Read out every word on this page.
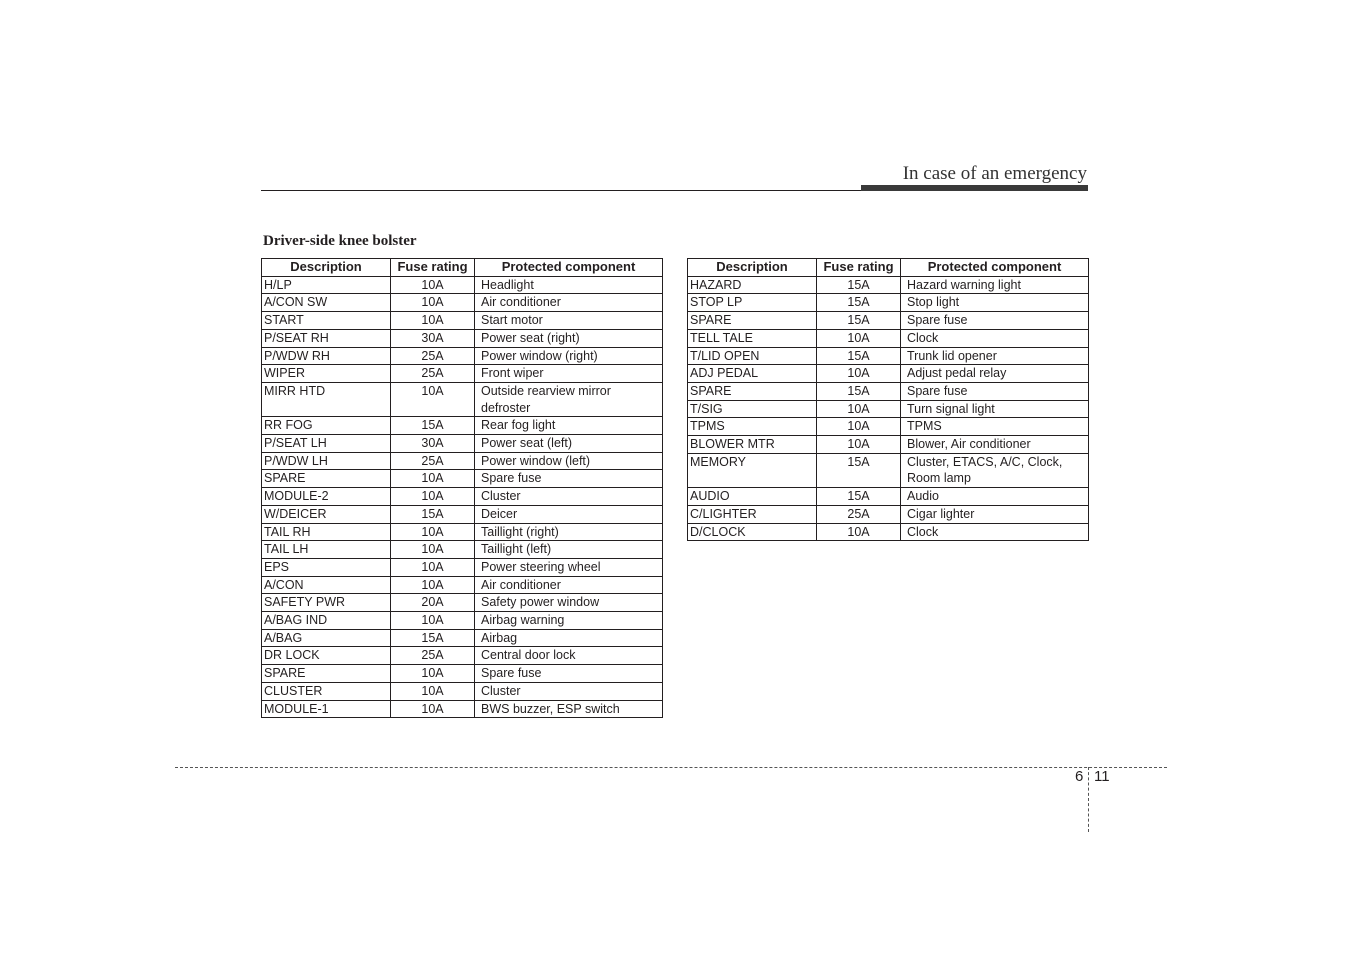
In case of an emergency
Driver-side knee bolster
Description	Fuse rating	Protected component
H/LP	10A	Headlight
A/CON SW	10A	Air conditioner
START	10A	Start motor
P/SEAT RH	30A	Power seat (right)
P/WDW RH	25A	Power window (right)
WIPER	25A	Front wiper
MIRR HTD	10A	Outside rearview mirror defroster
RR FOG	15A	Rear fog light
P/SEAT LH	30A	Power seat (left)
P/WDW LH	25A	Power window (left)
SPARE	10A	Spare fuse
MODULE-2	10A	Cluster
W/DEICER	15A	Deicer
TAIL RH	10A	Taillight (right)
TAIL LH	10A	Taillight (left)
EPS	10A	Power steering wheel
A/CON	10A	Air conditioner
SAFETY PWR	20A	Safety power window
A/BAG IND	10A	Airbag warning
A/BAG	15A	Airbag
DR LOCK	25A	Central door lock
SPARE	10A	Spare fuse
CLUSTER	10A	Cluster
MODULE-1	10A	BWS buzzer, ESP switch
Description	Fuse rating	Protected component
HAZARD	15A	Hazard warning light
STOP LP	15A	Stop light
SPARE	15A	Spare fuse
TELL TALE	10A	Clock
T/LID OPEN	15A	Trunk lid opener
ADJ PEDAL	10A	Adjust pedal relay
SPARE	15A	Spare fuse
T/SIG	10A	Turn signal light
TPMS	10A	TPMS
BLOWER MTR	10A	Blower, Air conditioner
MEMORY	15A	Cluster, ETACS, A/C, Clock, Room lamp
AUDIO	15A	Audio
C/LIGHTER	25A	Cigar lighter
D/CLOCK	10A	Clock
6 11
